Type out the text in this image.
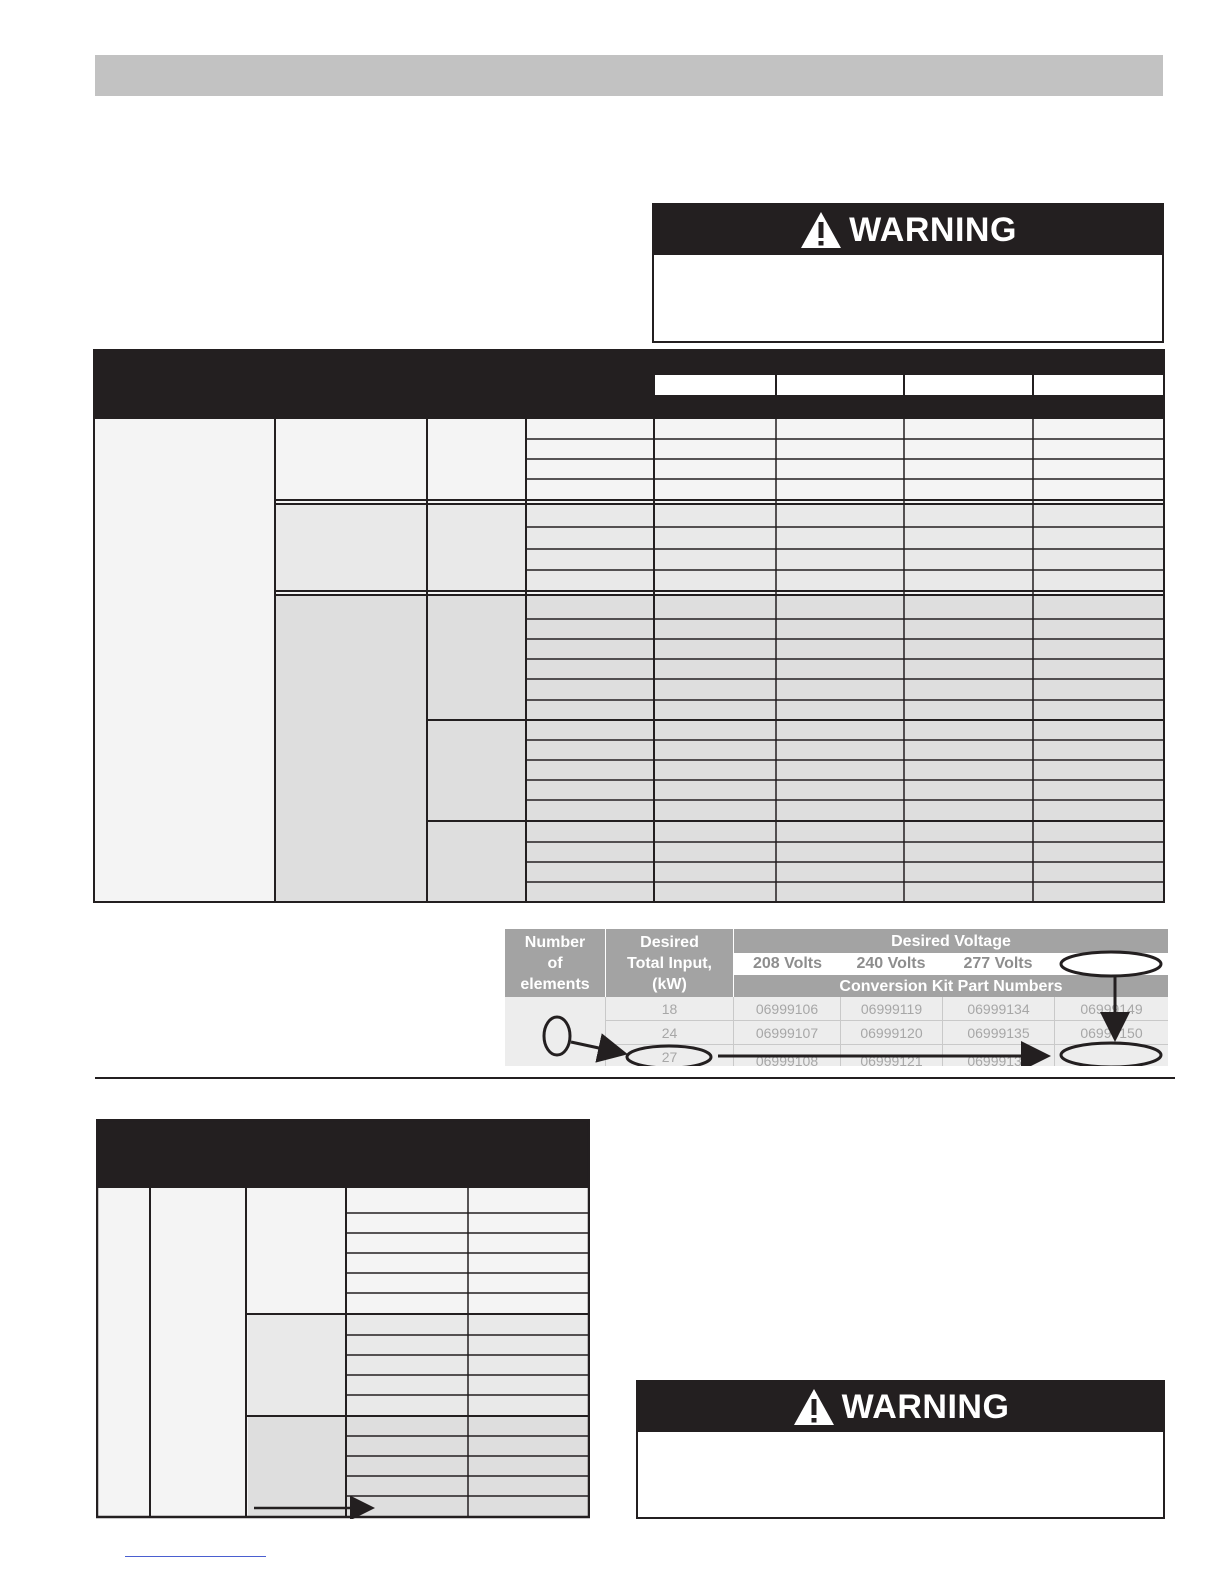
WARNING
Number
of
elements
Desired
Total Input,
(kW)
Desired Voltage
208 Volts	240 Volts	277 Volts
Conversion Kit Part Numbers
18	06999106	06999119	06999134	06999149
24	06999107	06999120	06999135	06999150
27	06999108	06999121	06999136
WARNING
